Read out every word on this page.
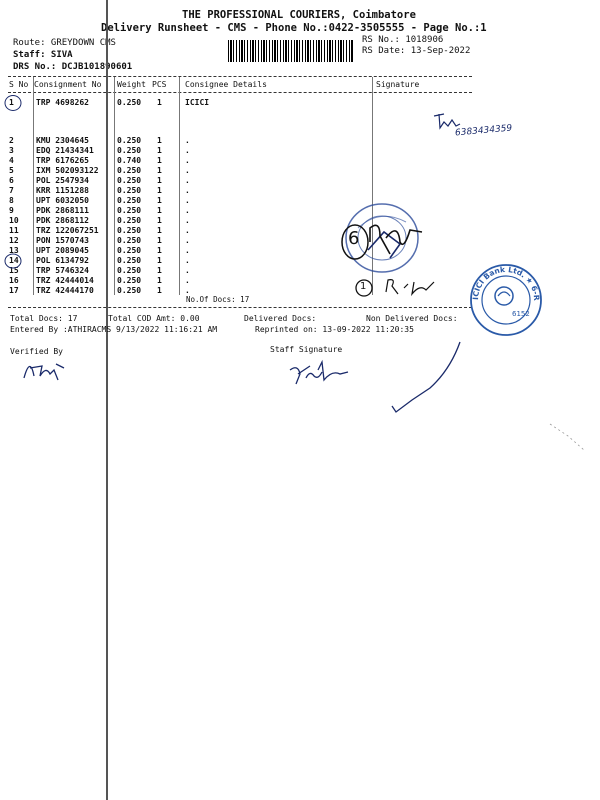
THE PROFESSIONAL COURIERS, Coimbatore
Delivery Runsheet - CMS - Phone No.:0422-3505555 - Page No.:1
Route: GREYDOWN CMS
Staff: SIVA
DRS No.: DCJB101890601
RS No.: 1018906
RS Date: 13-Sep-2022
S No Consignment No Weight PCS Consignee Details	Signature
1	TRP 4698262	0.250 1	ICICI
2	KMU 2304645	0.250 1	.
3	EDQ 21434341	0.250 1	.
4	TRP 6176265	0.740 1	.
5	IXM 502093122 0.250 1	.
6	POL 2547934	0.250 1	.
7	KRR 1151288	0.250 1	.
8	UPT 6032050	0.250 1	.
9	PDK 2868111	0.250 1	.
10 PDK 2868112	0.250 1	.
11 TRZ 122067251 0.250 1	.
12 PON 1570743	0.250 1	.
13 UPT 2089045	0.250 1	.
14 POL 6134792	0.250 1	.
15 TRP 5746324	0.250 1	.
16 TRZ 42444014	0.250 1	.
17 TRZ 42444170	0.250 1	.
No.Of Docs: 17
Total Docs: 17	Total COD Amt: 0.00	Delivered Docs:	Non Delivered Docs:
Entered By :ATHIRACMS 9/13/2022 11:16:21 AM	Reprinted on: 13-09-2022 11:20:35
Verified By	Staff Signature
6383434359
6
1
6152
ICICI Bank Ltd. ★ 6-Ram Nagar Coimbatore
